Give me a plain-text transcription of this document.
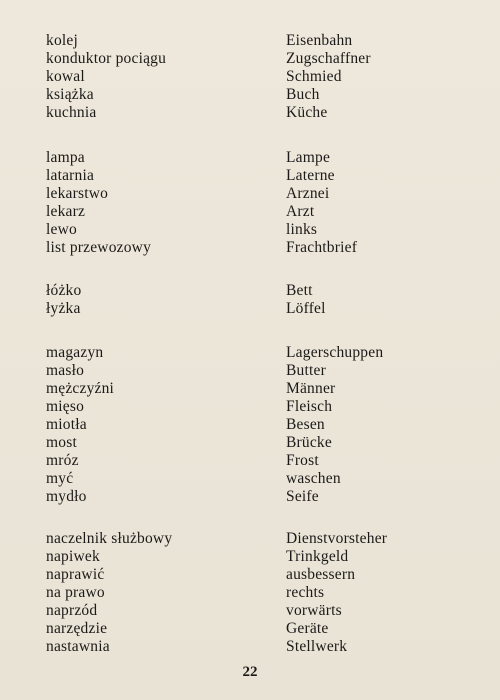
kolej	Eisenbahn
konduktor pociągu	Zugschaffner
kowal	Schmied
książka	Buch
kuchnia	Küche
lampa	Lampe
latarnia	Laterne
lekarstwo	Arznei
lekarz	Arzt
lewo	links
list przewozowy	Frachtbrief
łóżko	Bett
łyżka	Löffel
magazyn	Lagerschuppen
masło	Butter
mężczyźni	Männer
mięso	Fleisch
miotła	Besen
most	Brücke
mróz	Frost
myć	waschen
mydło	Seife
naczelnik służbowy	Dienstvorsteher
napiwek	Trinkgeld
naprawić	ausbessern
na prawo	rechts
naprzód	vorwärts
narzędzie	Geräte
nastawnia	Stellwerk
22
